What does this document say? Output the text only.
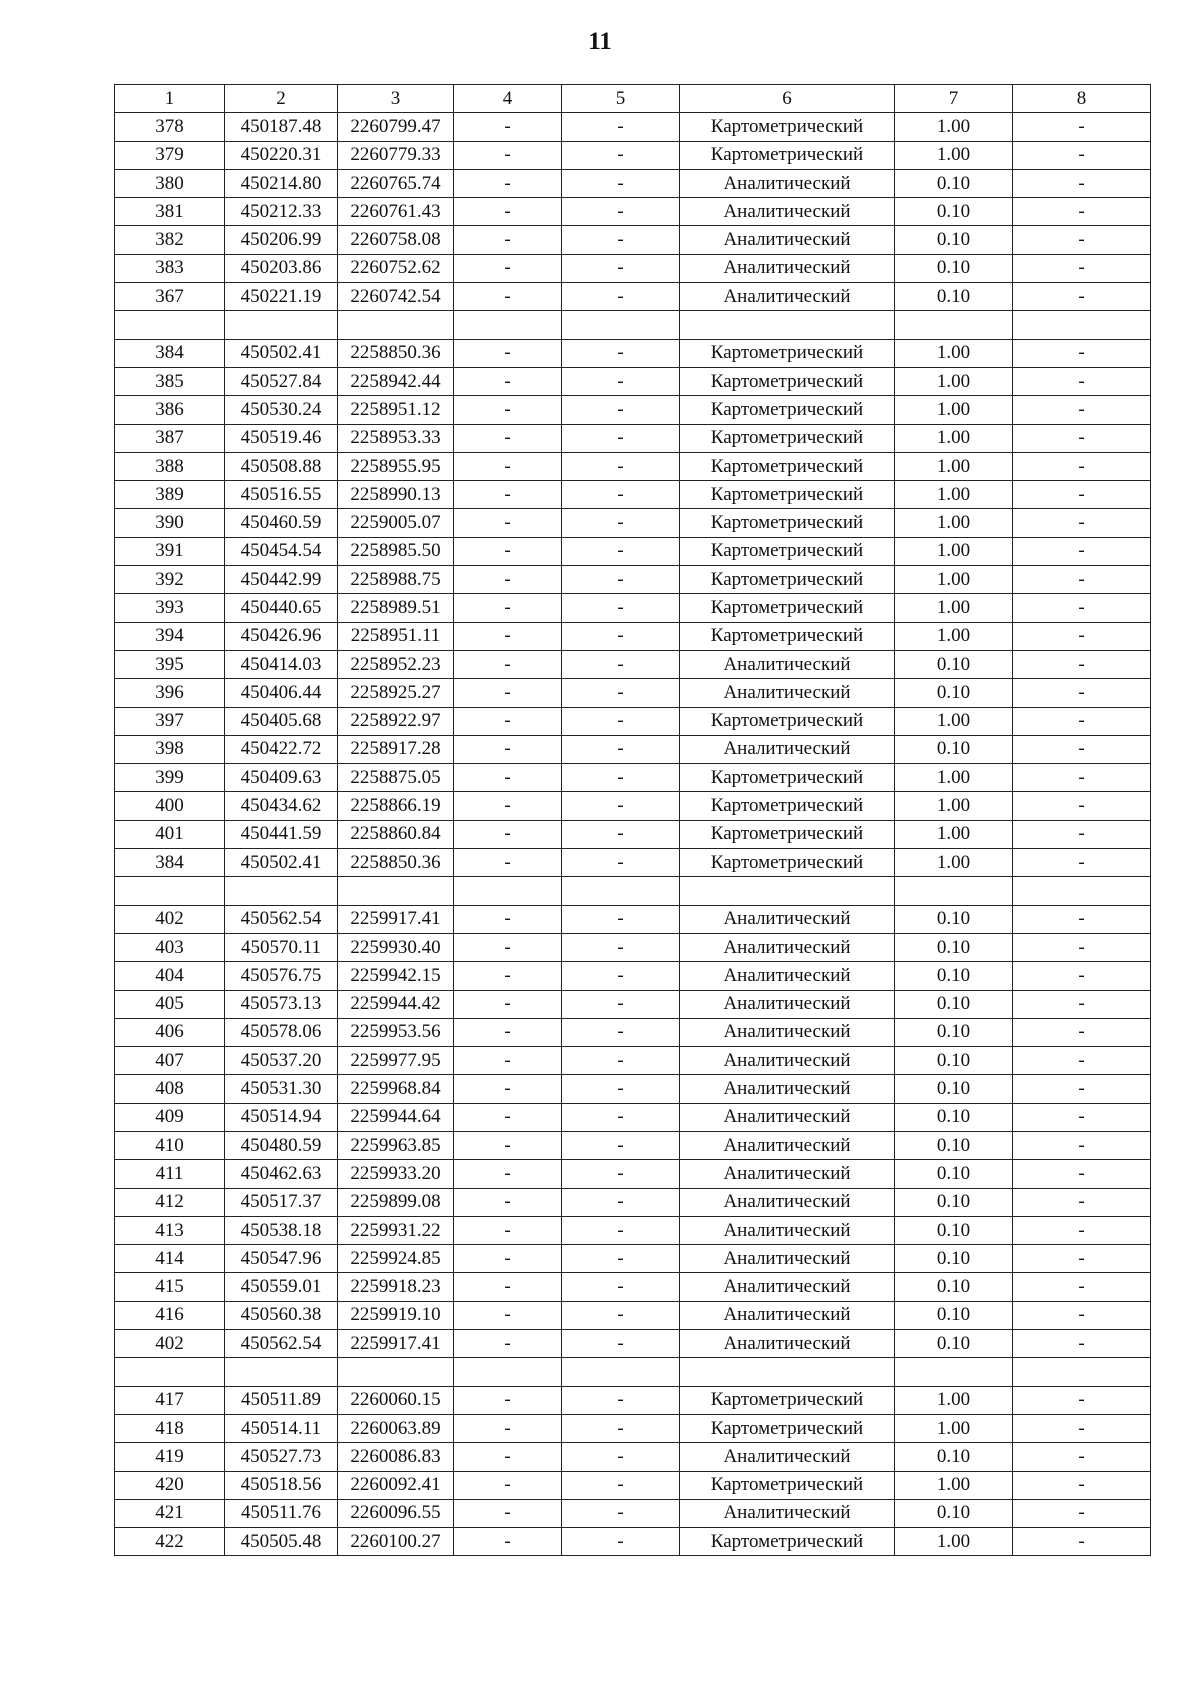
11
1	2	3	4	5	6	7	8
378	450187.48	2260799.47	-	-	Картометрический	1.00	-
379	450220.31	2260779.33	-	-	Картометрический	1.00	-
380	450214.80	2260765.74	-	-	Аналитический	0.10	-
381	450212.33	2260761.43	-	-	Аналитический	0.10	-
382	450206.99	2260758.08	-	-	Аналитический	0.10	-
383	450203.86	2260752.62	-	-	Аналитический	0.10	-
367	450221.19	2260742.54	-	-	Аналитический	0.10	-

384	450502.41	2258850.36	-	-	Картометрический	1.00	-
385	450527.84	2258942.44	-	-	Картометрический	1.00	-
386	450530.24	2258951.12	-	-	Картометрический	1.00	-
387	450519.46	2258953.33	-	-	Картометрический	1.00	-
388	450508.88	2258955.95	-	-	Картометрический	1.00	-
389	450516.55	2258990.13	-	-	Картометрический	1.00	-
390	450460.59	2259005.07	-	-	Картометрический	1.00	-
391	450454.54	2258985.50	-	-	Картометрический	1.00	-
392	450442.99	2258988.75	-	-	Картометрический	1.00	-
393	450440.65	2258989.51	-	-	Картометрический	1.00	-
394	450426.96	2258951.11	-	-	Картометрический	1.00	-
395	450414.03	2258952.23	-	-	Аналитический	0.10	-
396	450406.44	2258925.27	-	-	Аналитический	0.10	-
397	450405.68	2258922.97	-	-	Картометрический	1.00	-
398	450422.72	2258917.28	-	-	Аналитический	0.10	-
399	450409.63	2258875.05	-	-	Картометрический	1.00	-
400	450434.62	2258866.19	-	-	Картометрический	1.00	-
401	450441.59	2258860.84	-	-	Картометрический	1.00	-
384	450502.41	2258850.36	-	-	Картометрический	1.00	-

402	450562.54	2259917.41	-	-	Аналитический	0.10	-
403	450570.11	2259930.40	-	-	Аналитический	0.10	-
404	450576.75	2259942.15	-	-	Аналитический	0.10	-
405	450573.13	2259944.42	-	-	Аналитический	0.10	-
406	450578.06	2259953.56	-	-	Аналитический	0.10	-
407	450537.20	2259977.95	-	-	Аналитический	0.10	-
408	450531.30	2259968.84	-	-	Аналитический	0.10	-
409	450514.94	2259944.64	-	-	Аналитический	0.10	-
410	450480.59	2259963.85	-	-	Аналитический	0.10	-
411	450462.63	2259933.20	-	-	Аналитический	0.10	-
412	450517.37	2259899.08	-	-	Аналитический	0.10	-
413	450538.18	2259931.22	-	-	Аналитический	0.10	-
414	450547.96	2259924.85	-	-	Аналитический	0.10	-
415	450559.01	2259918.23	-	-	Аналитический	0.10	-
416	450560.38	2259919.10	-	-	Аналитический	0.10	-
402	450562.54	2259917.41	-	-	Аналитический	0.10	-

417	450511.89	2260060.15	-	-	Картометрический	1.00	-
418	450514.11	2260063.89	-	-	Картометрический	1.00	-
419	450527.73	2260086.83	-	-	Аналитический	0.10	-
420	450518.56	2260092.41	-	-	Картометрический	1.00	-
421	450511.76	2260096.55	-	-	Аналитический	0.10	-
422	450505.48	2260100.27	-	-	Картометрический	1.00	-
